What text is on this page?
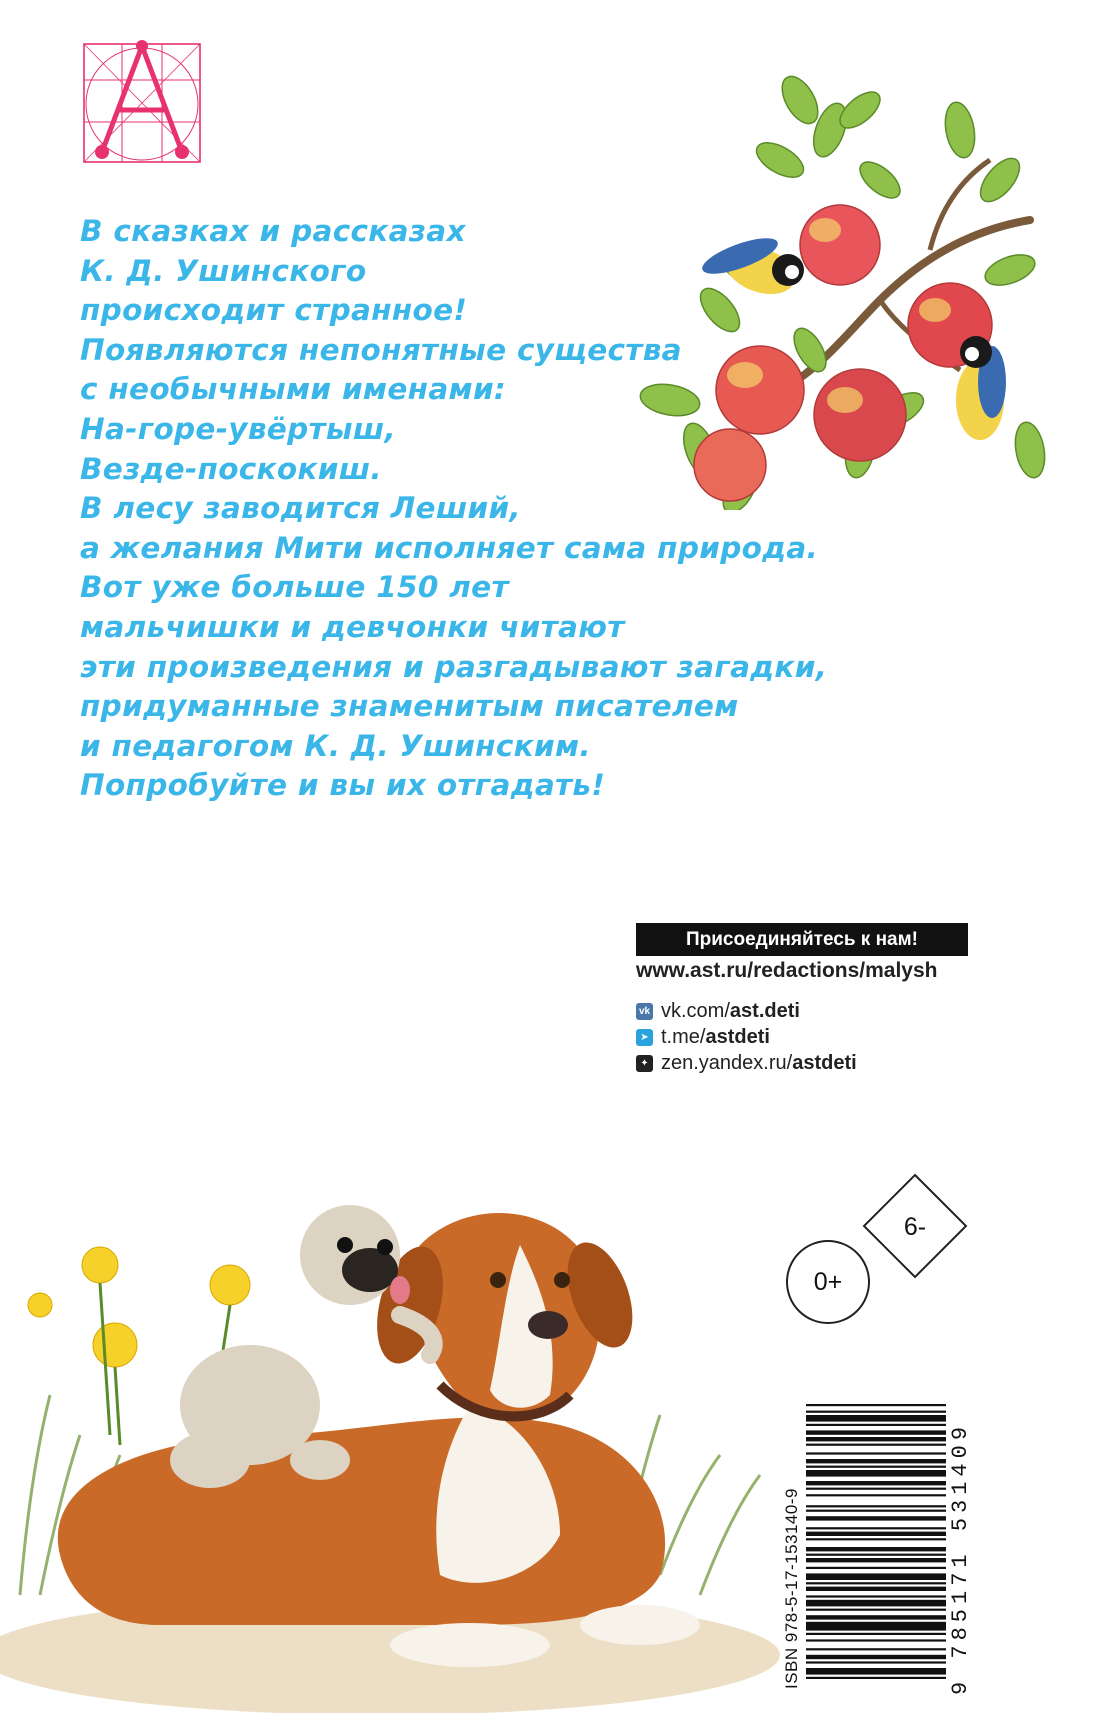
В сказках и рассказах
К. Д. Ушинского
происходит странное!
Появляются непонятные существа
с необычными именами:
На-горе-увёртыш,
Везде-поскокиш.
В лесу заводится Леший,
а желания Мити исполняет сама природа.
Вот уже больше 150 лет
мальчишки и девчонки читают
эти произведения и разгадывают загадки,
придуманные знаменитым писателем
и педагогом К. Д. Ушинским.
Попробуйте и вы их отгадать!
Присоединяйтесь к нам!
www.ast.ru/redactions/malysh
vk vk.com/ ast.deti
➤ t.me/ astdeti
✦ zen.yandex.ru/ astdeti
6-
0+
ISBN 978-5-17-153140-9	9 785171 531409
